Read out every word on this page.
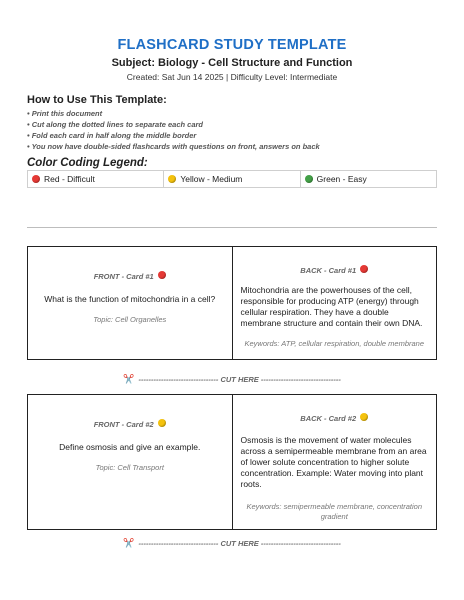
FLASHCARD STUDY TEMPLATE
Subject: Biology - Cell Structure and Function
Created: Sat Jun 14 2025 | Difficulty Level: Intermediate
How to Use This Template:
• Print this document
• Cut along the dotted lines to separate each card
• Fold each card in half along the middle border
• You now have double-sided flashcards with questions on front, answers on back
Color Coding Legend:
Red - Difficult	Yellow - Medium	Green - Easy
FRONT - Card #1
What is the function of mitochondria in a cell?
Topic: Cell Organelles
BACK - Card #1
Mitochondria are the powerhouses of the cell, responsible for producing ATP (energy) through cellular respiration. They have a double membrane structure and contain their own DNA.
Keywords: ATP, cellular respiration, double membrane
✂️ -------------------------------- CUT HERE --------------------------------
FRONT - Card #2
Define osmosis and give an example.
Topic: Cell Transport
BACK - Card #2
Osmosis is the movement of water molecules across a semipermeable membrane from an area of lower solute concentration to higher solute concentration. Example: Water moving into plant roots.
Keywords: semipermeable membrane, concentration gradient
✂️ -------------------------------- CUT HERE --------------------------------
